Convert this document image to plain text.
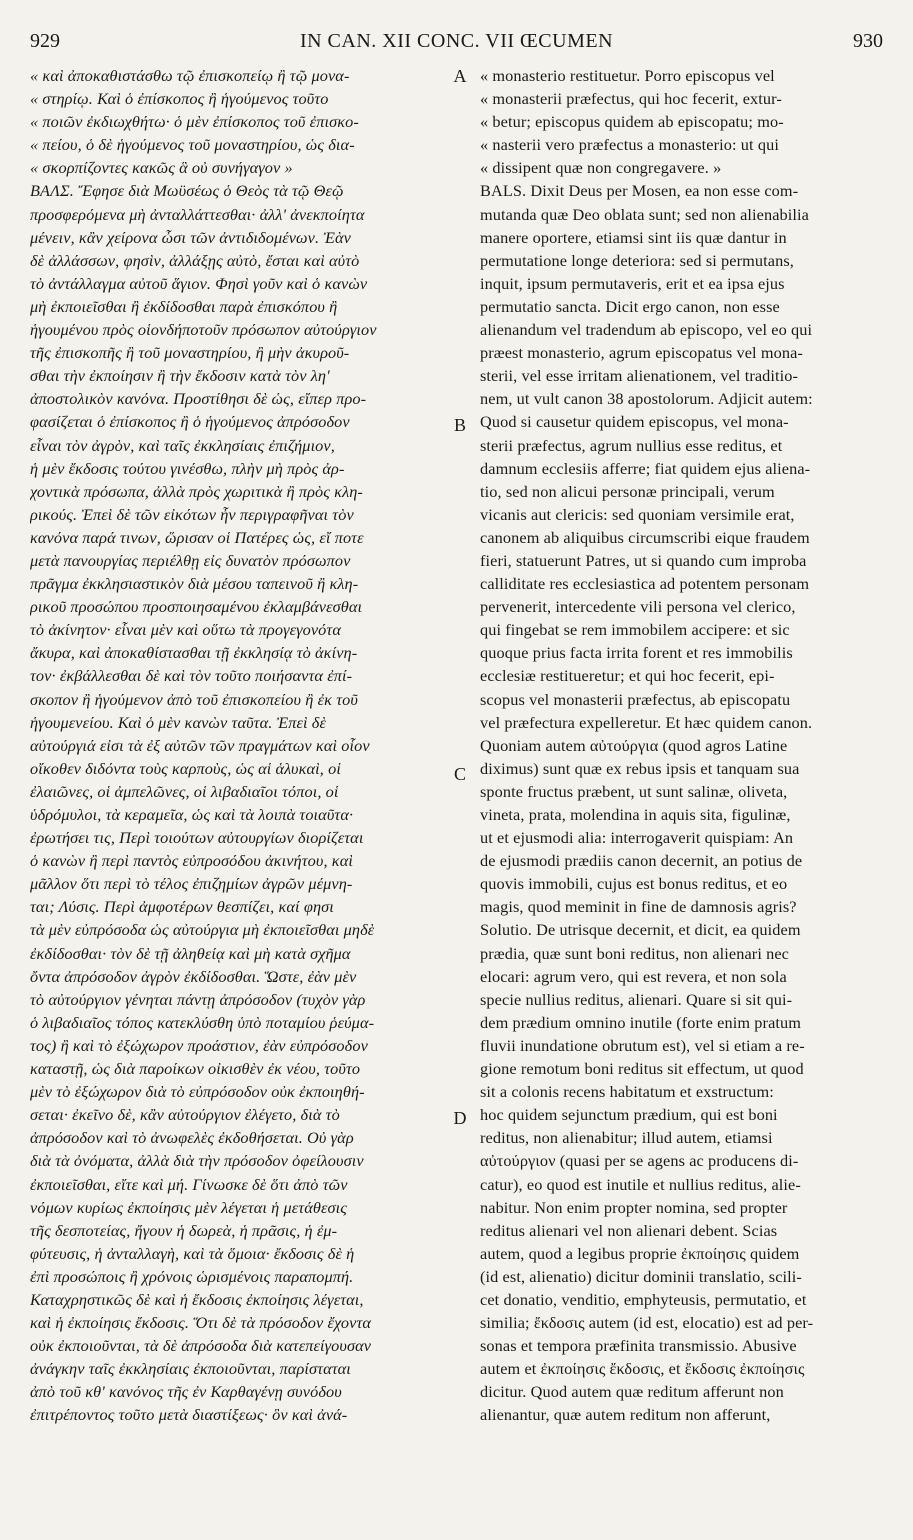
929	IN CAN. XII CONC. VII ŒCUMEN	930
« καὶ ἀποκαθιστάσθω τῷ ἐπισκοπείῳ ἢ τῷ μονα-
« στηρίῳ. Καὶ ὁ ἐπίσκοπος ἢ ἡγούμενος τοῦτο
« ποιῶν ἐκδιωχθήτω· ὁ μὲν ἐπίσκοπος τοῦ ἐπισκο-
« πείου, ὁ δὲ ἡγούμενος τοῦ μοναστηρίου, ὡς δια-
« σκορπίζοντες κακῶς ἃ οὐ συνήγαγον »
ΒΑΛΣ. Ἔφησε διὰ Μωϋσέως ὁ Θεὸς τὰ τῷ Θεῷ
προσφερόμενα μὴ ἀνταλλάττεσθαι· ἀλλ' ἀνεκποίητα
μένειν, κἂν χείρονα ὦσι τῶν ἀντιδιδομένων. Ἐὰν
δὲ ἀλλάσσων, φησὶν, ἀλλάξῃς αὐτὸ, ἔσται καὶ αὐτὸ
τὸ ἀντάλλαγμα αὐτοῦ ἅγιον. Φησὶ γοῦν καὶ ὁ κανὼν
μὴ ἐκποιεῖσθαι ἢ ἐκδίδοσθαι παρὰ ἐπισκόπου ἢ
ἡγουμένου πρὸς οἱονδήποτοῦν πρόσωπον αὐτούργιον
τῆς ἐπισκοπῆς ἢ τοῦ μοναστηρίου, ἢ μὴν ἀκυροῦ-
σθαι τὴν ἐκποίησιν ἢ τὴν ἔκδοσιν κατὰ τὸν λη'
ἀποστολικὸν κανόνα. Προστίθησι δὲ ὡς, εἴπερ προ-
φασίζεται ὁ ἐπίσκοπος ἢ ὁ ἡγούμενος ἀπρόσοδον
εἶναι τὸν ἀγρὸν, καὶ ταῖς ἐκκλησίαις ἐπιζήμιον,
ἡ μὲν ἔκδοσις τούτου γινέσθω, πλὴν μὴ πρὸς ἀρ-
χοντικὰ πρόσωπα, ἀλλὰ πρὸς χωριτικὰ ἢ πρὸς κλη-
ρικούς. Ἐπεὶ δὲ τῶν εἰκότων ἦν περιγραφῆναι τὸν
κανόνα παρά τινων, ὥρισαν οἱ Πατέρες ὡς, εἴ ποτε
μετὰ πανουργίας περιέλθῃ εἰς δυνατὸν πρόσωπον
πρᾶγμα ἐκκλησιαστικὸν διὰ μέσου ταπεινοῦ ἢ κλη-
ρικοῦ προσώπου προσποιησαμένου ἐκλαμβάνεσθαι
τὸ ἀκίνητον· εἶναι μὲν καὶ οὕτω τὰ προγεγονότα
ἄκυρα, καὶ ἀποκαθίστασθαι τῇ ἐκκλησίᾳ τὸ ἀκίνη-
τον· ἐκβάλλεσθαι δὲ καὶ τὸν τοῦτο ποιήσαντα ἐπί-
σκοπον ἢ ἡγούμενον ἀπὸ τοῦ ἐπισκοπείου ἢ ἐκ τοῦ
ἡγουμενείου. Καὶ ὁ μὲν κανὼν ταῦτα. Ἐπεὶ δὲ
αὐτούργιά εἰσι τὰ ἐξ αὐτῶν τῶν πραγμάτων καὶ οἷον
οἴκοθεν διδόντα τοὺς καρποὺς, ὡς αἱ ἁλυκαὶ, οἱ
ἐλαιῶνες, οἱ ἀμπελῶνες, οἱ λιβαδιαῖοι τόποι, οἱ
ὑδρόμυλοι, τὰ κεραμεῖα, ὡς καὶ τὰ λοιπὰ τοιαῦτα·
ἐρωτήσει τις, Περὶ τοιούτων αὐτουργίων διορίζεται
ὁ κανὼν ἢ περὶ παντὸς εὐπροσόδου ἀκινήτου, καὶ
μᾶλλον ὅτι περὶ τὸ τέλος ἐπιζημίων ἀγρῶν μέμνη-
ται; Λύσις. Περὶ ἀμφοτέρων θεσπίζει, καί φησι
τὰ μὲν εὐπρόσοδα ὡς αὐτούργια μὴ ἐκποιεῖσθαι μηδὲ
ἐκδίδοσθαι· τὸν δὲ τῇ ἀληθείᾳ καὶ μὴ κατὰ σχῆμα
ὄντα ἀπρόσοδον ἀγρὸν ἐκδίδοσθαι. Ὥστε, ἐὰν μὲν
τὸ αὐτούργιον γένηται πάντῃ ἀπρόσοδον (τυχὸν γὰρ
ὁ λιβαδιαῖος τόπος κατεκλύσθη ὑπὸ ποταμίου ῥεύμα-
τος) ἢ καὶ τὸ ἐξώχωρον προάστιον, ἐὰν εὐπρόσοδον
καταστῇ, ὡς διὰ παροίκων οἰκισθὲν ἐκ νέου, τοῦτο
μὲν τὸ ἐξώχωρον διὰ τὸ εὐπρόσοδον οὐκ ἐκποιηθή-
σεται· ἐκεῖνο δὲ, κἂν αὐτούργιον ἐλέγετο, διὰ τὸ
ἀπρόσοδον καὶ τὸ ἀνωφελὲς ἐκδοθήσεται. Οὐ γὰρ
διὰ τὰ ὀνόματα, ἀλλὰ διὰ τὴν πρόσοδον ὀφείλουσιν
ἐκποιεῖσθαι, εἴτε καὶ μή. Γίνωσκε δὲ ὅτι ἀπὸ τῶν
νόμων κυρίως ἐκποίησις μὲν λέγεται ἡ μετάθεσις
τῆς δεσποτείας, ἤγουν ἡ δωρεὰ, ἡ πρᾶσις, ἡ ἐμ-
φύτευσις, ἡ ἀνταλλαγὴ, καὶ τὰ ὅμοια· ἔκδοσις δὲ ἡ
ἐπὶ προσώποις ἢ χρόνοις ὡρισμένοις παραπομπή.
Καταχρηστικῶς δὲ καὶ ἡ ἔκδοσις ἐκποίησις λέγεται,
καὶ ἡ ἐκποίησις ἔκδοσις. Ὅτι δὲ τὰ πρόσοδον ἔχοντα
οὐκ ἐκποιοῦνται, τὰ δὲ ἀπρόσοδα διὰ κατεπείγουσαν
ἀνάγκην ταῖς ἐκκλησίαις ἐκποιοῦνται, παρίσταται
ἀπὸ τοῦ κθ' κανόνος τῆς ἐν Καρθαγένῃ συνόδου
ἐπιτρέποντος τοῦτο μετὰ διαστίξεως· ὃν καὶ ἀνά-
« monasterio restituetur. Porro episcopus vel
« monasterii præfectus, qui hoc fecerit, extur-
« betur; episcopus quidem ab episcopatu; mo-
« nasterii vero præfectus a monasterio: ut qui
« dissipent quæ non congregavere. »
BALS. Dixit Deus per Mosen, ea non esse com-
mutanda quæ Deo oblata sunt; sed non alienabilia
manere oportere, etiamsi sint iis quæ dantur in
permutatione longe deteriora: sed si permutans,
inquit, ipsum permutaveris, erit et ea ipsa ejus
permutatio sancta. Dicit ergo canon, non esse
alienandum vel tradendum ab episcopo, vel eo qui
præest monasterio, agrum episcopatus vel mona-
sterii, vel esse irritam alienationem, vel traditio-
nem, ut vult canon 38 apostolorum. Adjicit autem:
Quod si causetur quidem episcopus, vel mona-
sterii præfectus, agrum nullius esse reditus, et
damnum ecclesiis afferre; fiat quidem ejus aliena-
tio, sed non alicui personæ principali, verum
vicanis aut clericis: sed quoniam versimile erat,
canonem ab aliquibus circumscribi eique fraudem
fieri, statuerunt Patres, ut si quando cum improba
calliditate res ecclesiastica ad potentem personam
pervenerit, intercedente vili persona vel clerico,
qui fingebat se rem immobilem accipere: et sic
quoque prius facta irrita forent et res immobilis
ecclesiæ restitueretur; et qui hoc fecerit, epi-
scopus vel monasterii præfectus, ab episcopatu
vel præfectura expelleretur. Et hæc quidem canon.
Quoniam autem αὐτούργια (quod agros Latine
diximus) sunt quæ ex rebus ipsis et tanquam sua
sponte fructus præbent, ut sunt salinæ, oliveta,
vineta, prata, molendina in aquis sita, figulinæ,
ut et ejusmodi alia: interrogaverit quispiam: An
de ejusmodi prædiis canon decernit, an potius de
quovis immobili, cujus est bonus reditus, et eo
magis, quod meminit in fine de damnosis agris?
Solutio. De utrisque decernit, et dicit, ea quidem
prædia, quæ sunt boni reditus, non alienari nec
elocari: agrum vero, qui est revera, et non sola
specie nullius reditus, alienari. Quare si sit qui-
dem prædium omnino inutile (forte enim pratum
fluvii inundatione obrutum est), vel si etiam a re-
gione remotum boni reditus sit effectum, ut quod
sit a colonis recens habitatum et exstructum:
hoc quidem sejunctum prædium, qui est boni
reditus, non alienabitur; illud autem, etiamsi
αὐτούργιον (quasi per se agens ac producens di-
catur), eo quod est inutile et nullius reditus, alie-
nabitur. Non enim propter nomina, sed propter
reditus alienari vel non alienari debent. Scias
autem, quod a legibus proprie ἐκποίησις quidem
(id est, alienatio) dicitur dominii translatio, scili-
cet donatio, venditio, emphyteusis, permutatio, et
similia; ἔκδοσις autem (id est, elocatio) est ad per-
sonas et tempora præfinita transmissio. Abusive
autem et ἐκποίησις ἔκδοσις, et ἔκδοσις ἐκποίησις
dicitur. Quod autem quæ reditum afferunt non
alienantur, quæ autem reditum non afferunt,
A
B
C
D
